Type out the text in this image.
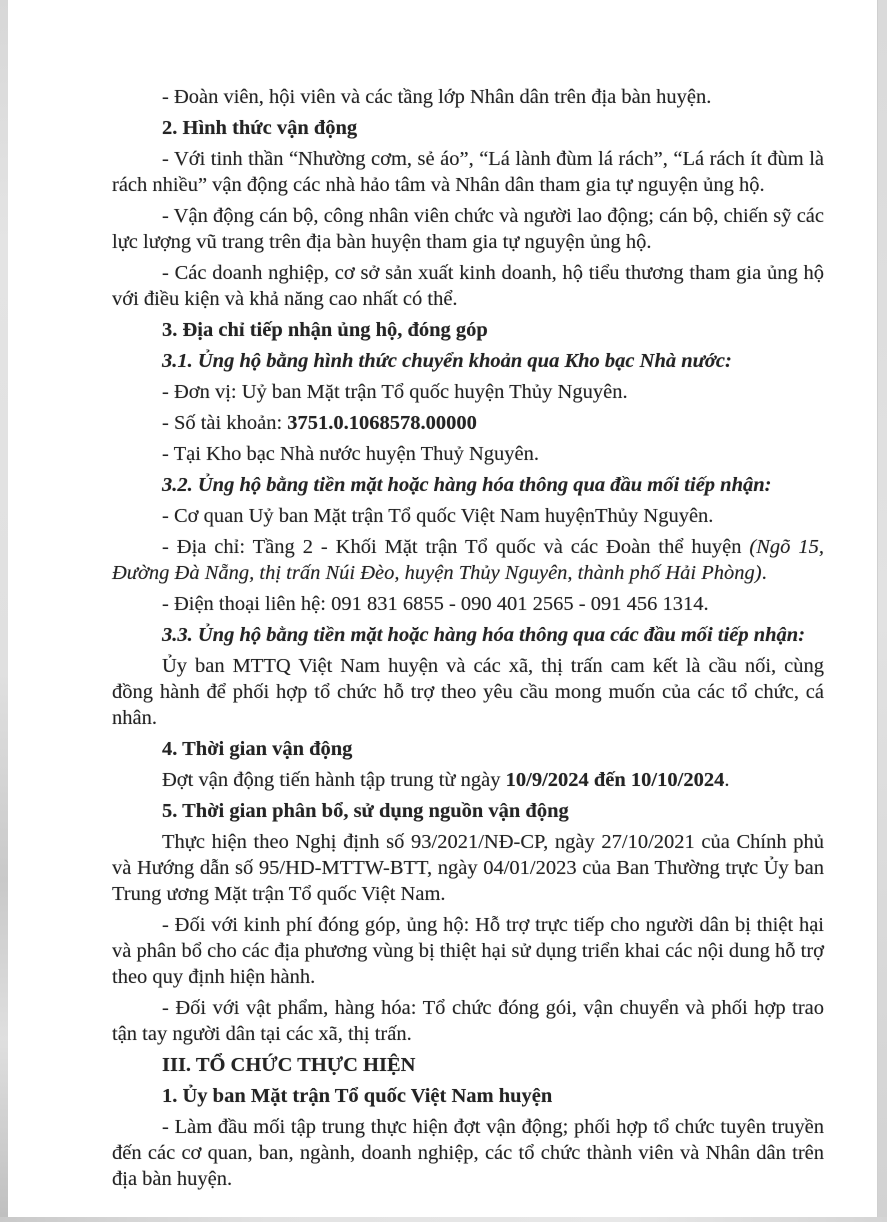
- Đoàn viên, hội viên và các tầng lớp Nhân dân trên địa bàn huyện.

2. Hình thức vận động

- Với tinh thần “Nhường cơm, sẻ áo”, “Lá lành đùm lá rách”, “Lá rách ít đùm là rách nhiều” vận động các nhà hảo tâm và Nhân dân tham gia tự nguyện ủng hộ.

- Vận động cán bộ, công nhân viên chức và người lao động; cán bộ, chiến sỹ các lực lượng vũ trang trên địa bàn huyện tham gia tự nguyện ủng hộ.

- Các doanh nghiệp, cơ sở sản xuất kinh doanh, hộ tiểu thương tham gia ủng hộ với điều kiện và khả năng cao nhất có thể.

3. Địa chỉ tiếp nhận ủng hộ, đóng góp

3.1. Ủng hộ bằng hình thức chuyển khoản qua Kho bạc Nhà nước:

- Đơn vị: Uỷ ban Mặt trận Tổ quốc huyện Thủy Nguyên.

- Số tài khoản: 3751.0.1068578.00000

- Tại Kho bạc Nhà nước huyện Thuỷ Nguyên.

3.2. Ủng hộ bằng tiền mặt hoặc hàng hóa thông qua đầu mối tiếp nhận:

- Cơ quan Uỷ ban Mặt trận Tổ quốc Việt Nam huyệnThủy Nguyên.

- Địa chỉ: Tầng 2 - Khối Mặt trận Tổ quốc và các Đoàn thể huyện (Ngõ 15, Đường Đà Nẵng, thị trấn Núi Đèo, huyện Thủy Nguyên, thành phố Hải Phòng).

- Điện thoại liên hệ: 091 831 6855 - 090 401 2565 - 091 456 1314.

3.3. Ủng hộ bằng tiền mặt hoặc hàng hóa thông qua các đầu mối tiếp nhận:

Ủy ban MTTQ Việt Nam huyện và các xã, thị trấn cam kết là cầu nối, cùng đồng hành để phối hợp tổ chức hỗ trợ theo yêu cầu mong muốn của các tổ chức, cá nhân.

4. Thời gian vận động

Đợt vận động tiến hành tập trung từ ngày 10/9/2024 đến 10/10/2024.

5. Thời gian phân bổ, sử dụng nguồn vận động

Thực hiện theo Nghị định số 93/2021/NĐ-CP, ngày 27/10/2021 của Chính phủ và Hướng dẫn số 95/HD-MTTW-BTT, ngày 04/01/2023 của Ban Thường trực Ủy ban Trung ương Mặt trận Tổ quốc Việt Nam.

- Đối với kinh phí đóng góp, ủng hộ: Hỗ trợ trực tiếp cho người dân bị thiệt hại và phân bổ cho các địa phương vùng bị thiệt hại sử dụng triển khai các nội dung hỗ trợ theo quy định hiện hành.

- Đối với vật phẩm, hàng hóa: Tổ chức đóng gói, vận chuyển và phối hợp trao tận tay người dân tại các xã, thị trấn.

III. TỔ CHỨC THỰC HIỆN

1. Ủy ban Mặt trận Tổ quốc Việt Nam huyện

- Làm đầu mối tập trung thực hiện đợt vận động; phối hợp tổ chức tuyên truyền đến các cơ quan, ban, ngành, doanh nghiệp, các tổ chức thành viên và Nhân dân trên địa bàn huyện.
